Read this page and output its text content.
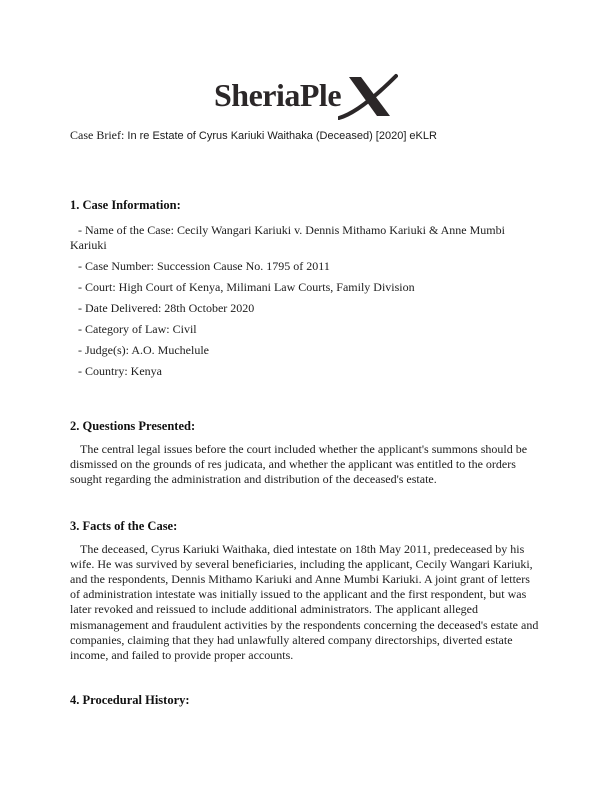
SheriaPle
Case Brief: In re Estate of Cyrus Kariuki Waithaka (Deceased) [2020] eKLR
1. Case Information:
- Name of the Case: Cecily Wangari Kariuki v. Dennis Mithamo Kariuki & Anne Mumbi Kariuki
- Case Number: Succession Cause No. 1795 of 2011
- Court: High Court of Kenya, Milimani Law Courts, Family Division
- Date Delivered: 28th October 2020
- Category of Law: Civil
- Judge(s): A.O. Muchelule
- Country: Kenya
2. Questions Presented:

The central legal issues before the court included whether the applicant's summons should be dismissed on the grounds of res judicata, and whether the applicant was entitled to the orders sought regarding the administration and distribution of the deceased's estate.

3. Facts of the Case:

The deceased, Cyrus Kariuki Waithaka, died intestate on 18th May 2011, predeceased by his wife. He was survived by several beneficiaries, including the applicant, Cecily Wangari Kariuki, and the respondents, Dennis Mithamo Kariuki and Anne Mumbi Kariuki. A joint grant of letters of administration intestate was initially issued to the applicant and the first respondent, but was later revoked and reissued to include additional administrators. The applicant alleged mismanagement and fraudulent activities by the respondents concerning the deceased's estate and companies, claiming that they had unlawfully altered company directorships, diverted estate income, and failed to provide proper accounts.

4. Procedural History:
